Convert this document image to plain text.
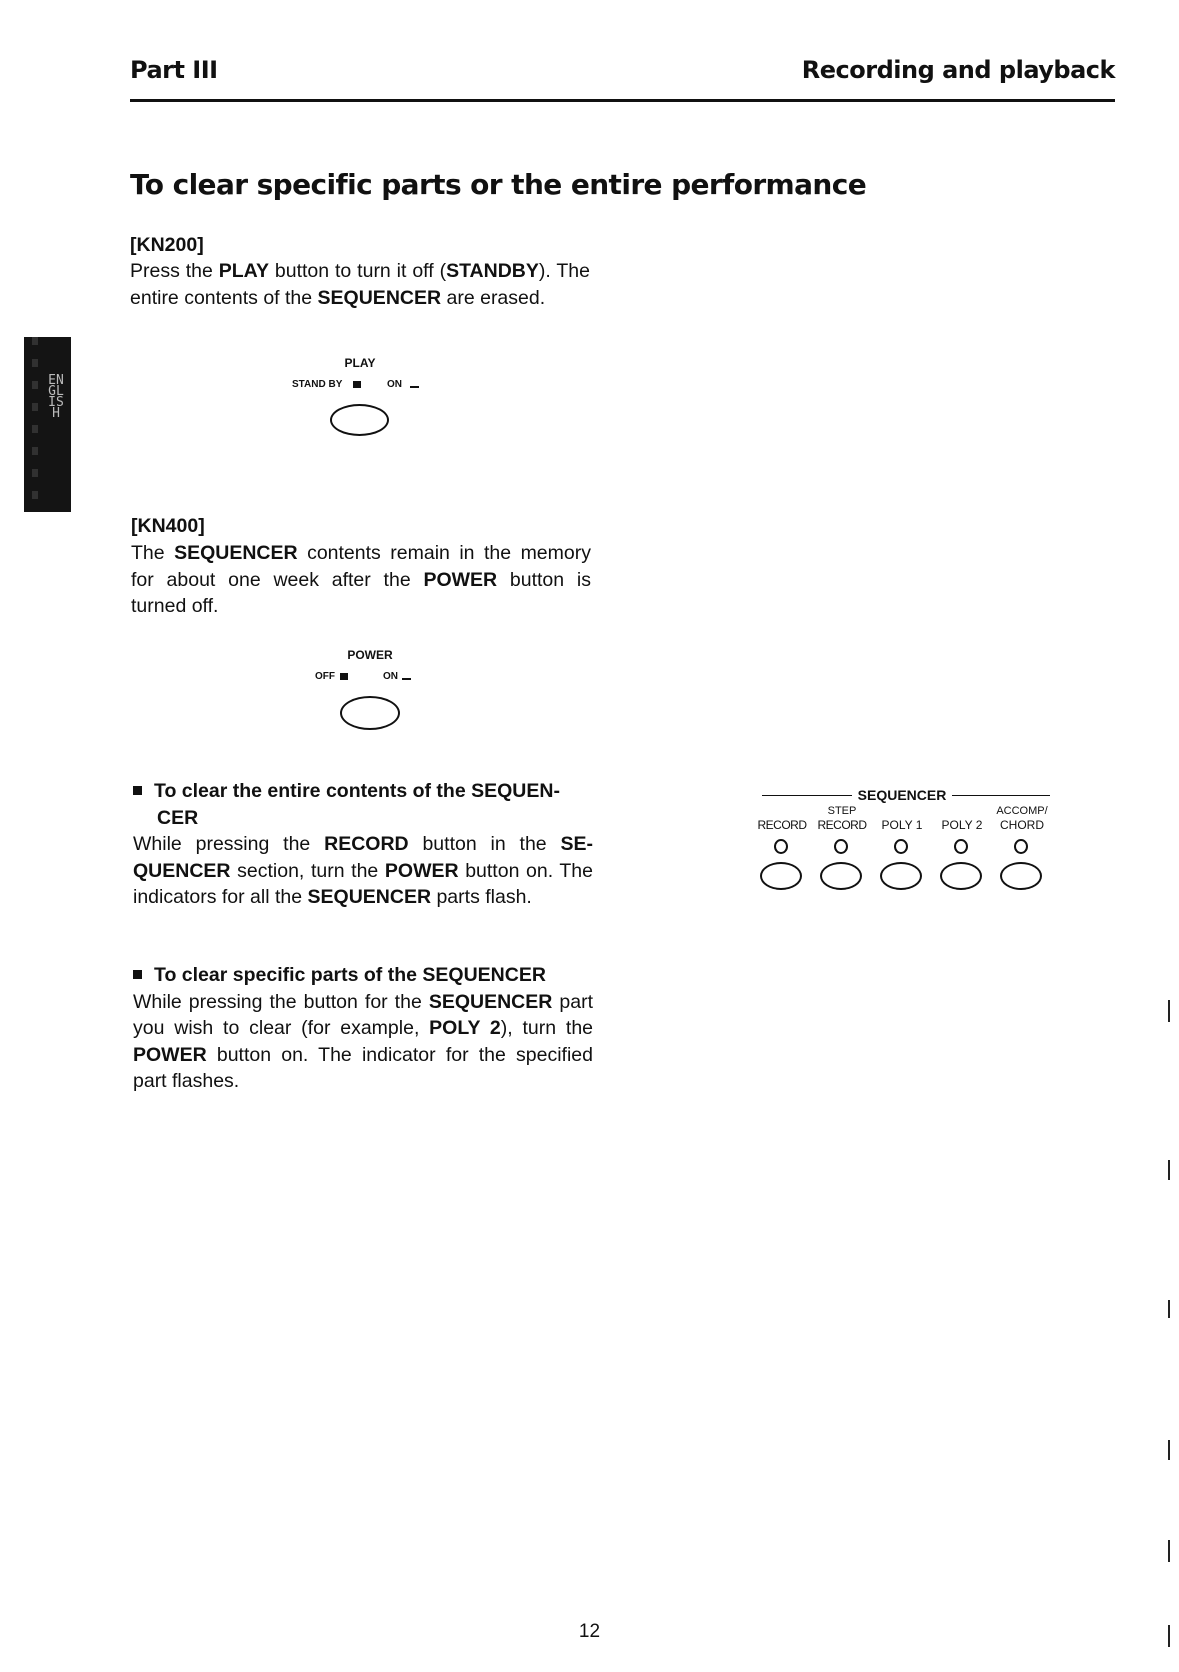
Part III	Recording and playback
To clear specific parts or the entire performance
ENGLISH
[KN200]
Press the PLAY button to turn it off (STANDBY). The entire contents of the SEQUENCER are erased.
PLAY
STAND BY	ON
[KN400]
The SEQUENCER contents remain in the memory for about one week after the POWER button is turned off.
POWER
OFF	ON
To clear the entire contents of the SEQUEN-CER
While pressing the RECORD button in the SE-QUENCER section, turn the POWER button on. The indicators for all the SEQUENCER parts flash.
To clear specific parts of the SEQUENCER
While pressing the button for the SEQUENCER part you wish to clear (for example, POLY 2), turn the POWER button on. The indicator for the specified part flashes.
SEQUENCER
RECORD
STEP
RECORD	POLY 1	POLY 2
ACCOMP/
CHORD
12
